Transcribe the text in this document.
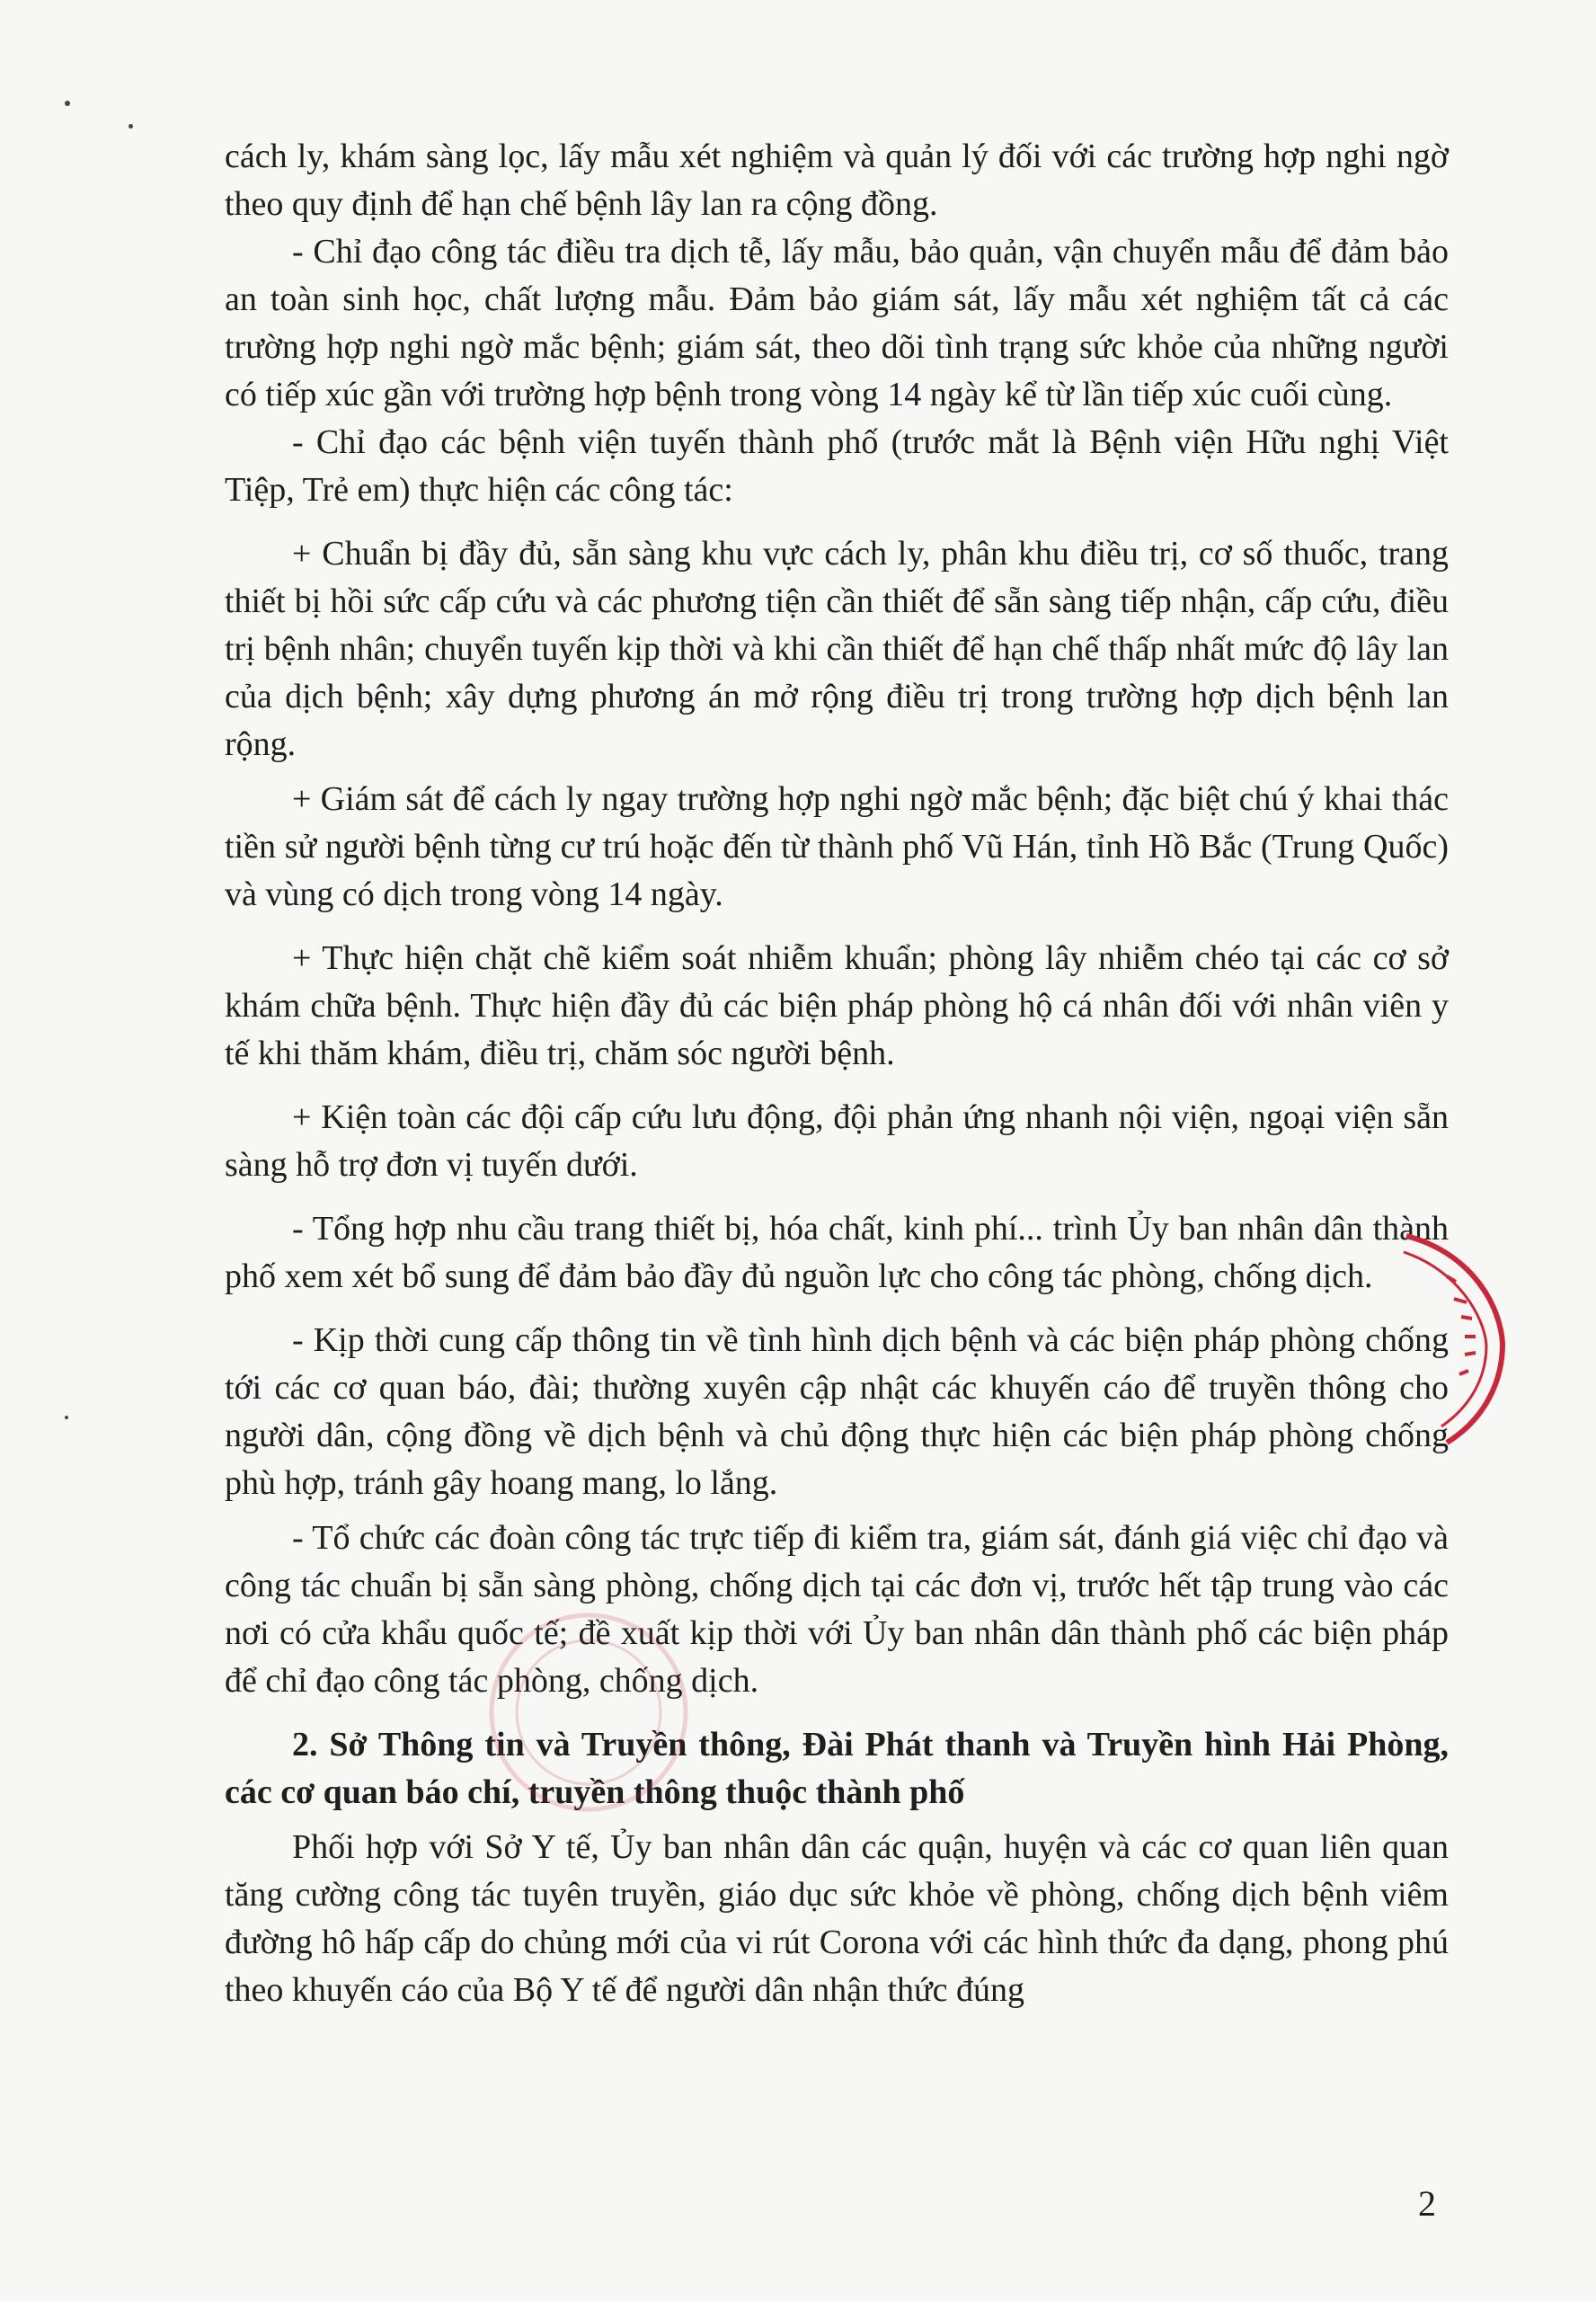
cách ly, khám sàng lọc, lấy mẫu xét nghiệm và quản lý đối với các trường hợp nghi ngờ theo quy định để hạn chế bệnh lây lan ra cộng đồng.

- Chỉ đạo công tác điều tra dịch tễ, lấy mẫu, bảo quản, vận chuyển mẫu để đảm bảo an toàn sinh học, chất lượng mẫu. Đảm bảo giám sát, lấy mẫu xét nghiệm tất cả các trường hợp nghi ngờ mắc bệnh; giám sát, theo dõi tình trạng sức khỏe của những người có tiếp xúc gần với trường hợp bệnh trong vòng 14 ngày kể từ lần tiếp xúc cuối cùng.

- Chỉ đạo các bệnh viện tuyến thành phố (trước mắt là Bệnh viện Hữu nghị Việt Tiệp, Trẻ em) thực hiện các công tác:

+ Chuẩn bị đầy đủ, sẵn sàng khu vực cách ly, phân khu điều trị, cơ số thuốc, trang thiết bị hồi sức cấp cứu và các phương tiện cần thiết để sẵn sàng tiếp nhận, cấp cứu, điều trị bệnh nhân; chuyển tuyến kịp thời và khi cần thiết để hạn chế thấp nhất mức độ lây lan của dịch bệnh; xây dựng phương án mở rộng điều trị trong trường hợp dịch bệnh lan rộng.

+ Giám sát để cách ly ngay trường hợp nghi ngờ mắc bệnh; đặc biệt chú ý khai thác tiền sử người bệnh từng cư trú hoặc đến từ thành phố Vũ Hán, tỉnh Hồ Bắc (Trung Quốc) và vùng có dịch trong vòng 14 ngày.

+ Thực hiện chặt chẽ kiểm soát nhiễm khuẩn; phòng lây nhiễm chéo tại các cơ sở khám chữa bệnh. Thực hiện đầy đủ các biện pháp phòng hộ cá nhân đối với nhân viên y tế khi thăm khám, điều trị, chăm sóc người bệnh.

+ Kiện toàn các đội cấp cứu lưu động, đội phản ứng nhanh nội viện, ngoại viện sẵn sàng hỗ trợ đơn vị tuyến dưới.

- Tổng hợp nhu cầu trang thiết bị, hóa chất, kinh phí... trình Ủy ban nhân dân thành phố xem xét bổ sung để đảm bảo đầy đủ nguồn lực cho công tác phòng, chống dịch.

- Kịp thời cung cấp thông tin về tình hình dịch bệnh và các biện pháp phòng chống tới các cơ quan báo, đài; thường xuyên cập nhật các khuyến cáo để truyền thông cho người dân, cộng đồng về dịch bệnh và chủ động thực hiện các biện pháp phòng chống phù hợp, tránh gây hoang mang, lo lắng.

- Tổ chức các đoàn công tác trực tiếp đi kiểm tra, giám sát, đánh giá việc chỉ đạo và công tác chuẩn bị sẵn sàng phòng, chống dịch tại các đơn vị, trước hết tập trung vào các nơi có cửa khẩu quốc tế; đề xuất kịp thời với Ủy ban nhân dân thành phố các biện pháp để chỉ đạo công tác phòng, chống dịch.

2. Sở Thông tin và Truyền thông, Đài Phát thanh và Truyền hình Hải Phòng, các cơ quan báo chí, truyền thông thuộc thành phố

Phối hợp với Sở Y tế, Ủy ban nhân dân các quận, huyện và các cơ quan liên quan tăng cường công tác tuyên truyền, giáo dục sức khỏe về phòng, chống dịch bệnh viêm đường hô hấp cấp do chủng mới của vi rút Corona với các hình thức đa dạng, phong phú theo khuyến cáo của Bộ Y tế để người dân nhận thức đúng

2
